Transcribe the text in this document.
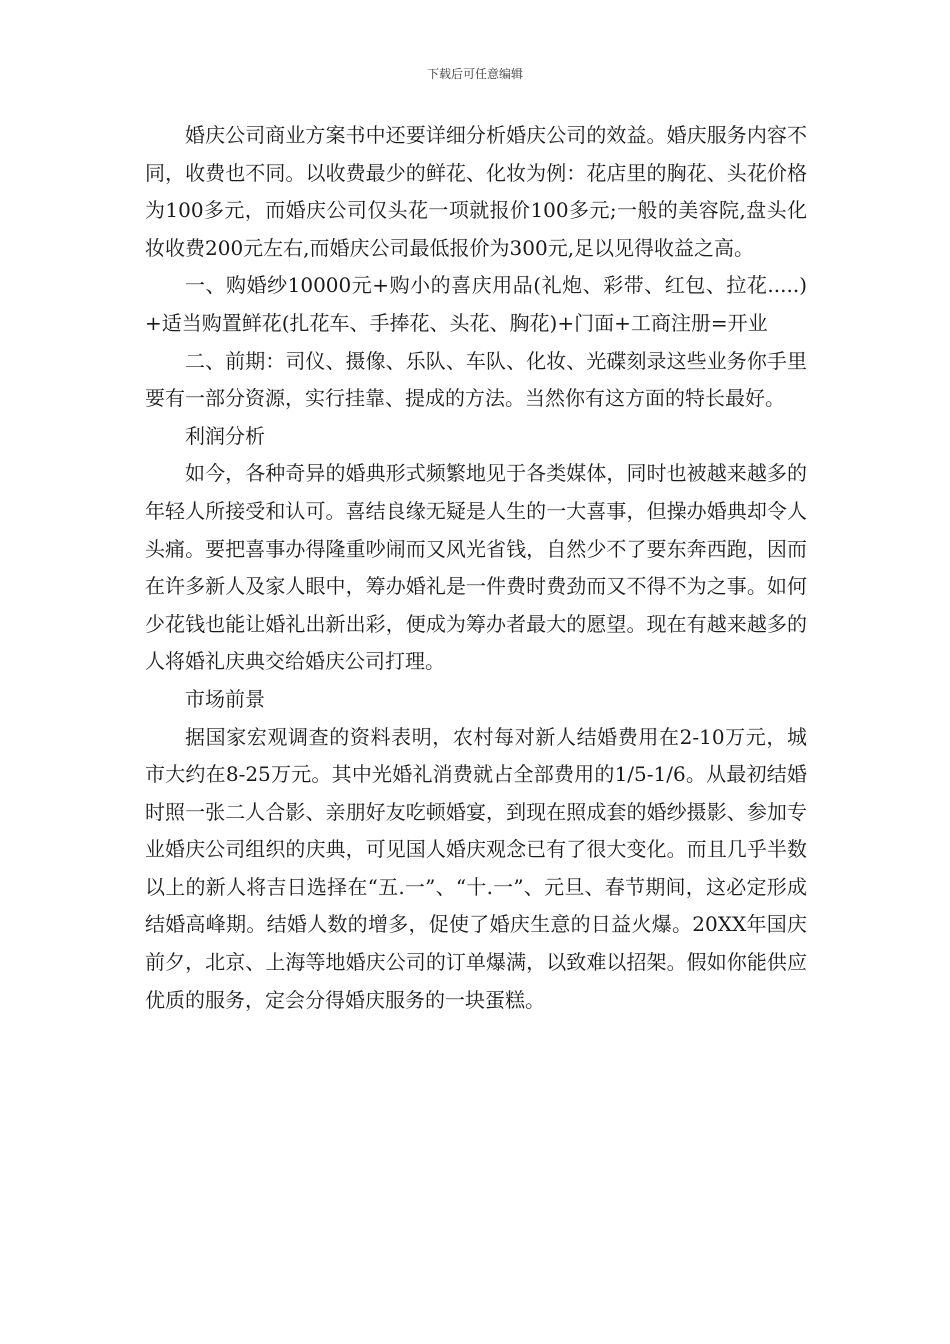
下载后可任意编辑

婚庆公司商业方案书中还要详细分析婚庆公司的效益。婚庆服务内容不同，收费也不同。以收费最少的鲜花、化妆为例：花店里的胸花、头花价格为100多元，而婚庆公司仅头花一项就报价100多元;一般的美容院,盘头化妆收费200元左右,而婚庆公司最低报价为300元,足以见得收益之高。

一、购婚纱10000元+购小的喜庆用品(礼炮、彩带、红包、拉花.....)+适当购置鲜花(扎花车、手捧花、头花、胸花)+门面+工商注册=开业

二、前期：司仪、摄像、乐队、车队、化妆、光碟刻录这些业务你手里要有一部分资源，实行挂靠、提成的方法。当然你有这方面的特长最好。

利润分析

如今，各种奇异的婚典形式频繁地见于各类媒体，同时也被越来越多的年轻人所接受和认可。喜结良缘无疑是人生的一大喜事，但操办婚典却令人头痛。要把喜事办得隆重吵闹而又风光省钱，自然少不了要东奔西跑，因而在许多新人及家人眼中，筹办婚礼是一件费时费劲而又不得不为之事。如何少花钱也能让婚礼出新出彩，便成为筹办者最大的愿望。现在有越来越多的人将婚礼庆典交给婚庆公司打理。

市场前景

据国家宏观调查的资料表明，农村每对新人结婚费用在2-10万元，城市大约在8-25万元。其中光婚礼消费就占全部费用的1/5-1/6。从最初结婚时照一张二人合影、亲朋好友吃顿婚宴，到现在照成套的婚纱摄影、参加专业婚庆公司组织的庆典，可见国人婚庆观念已有了很大变化。而且几乎半数以上的新人将吉日选择在“五.一”、“十.一”、元旦、春节期间，这必定形成结婚高峰期。结婚人数的增多，促使了婚庆生意的日益火爆。20XX年国庆前夕，北京、上海等地婚庆公司的订单爆满，以致难以招架。假如你能供应优质的服务，定会分得婚庆服务的一块蛋糕。
